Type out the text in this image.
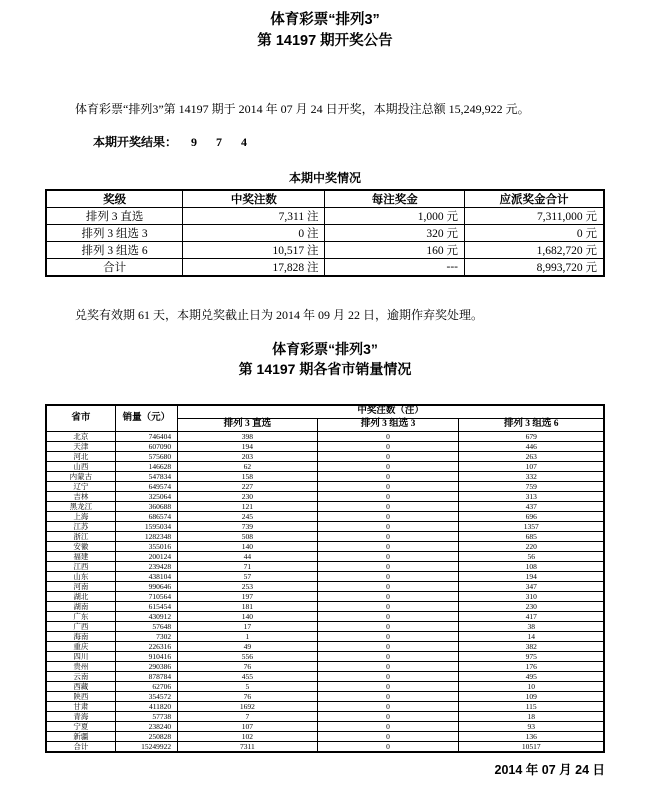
体育彩票“排列3”
第 14197 期开奖公告

体育彩票“排列3”第 14197 期于 2014 年 07 月 24 日开奖，本期投注总额 15,249,922 元。

本期开奖结果： 9 7 4

本期中奖情况
奖级	中奖注数	每注奖金	应派奖金合计
排列 3 直选	7,311 注	1,000 元	7,311,000 元
排列 3 组选 3	0 注	320 元	0 元
排列 3 组选 6	10,517 注	160 元	1,682,720 元
合计	17,828 注	---	8,993,720 元

兑奖有效期 61 天，本期兑奖截止日为 2014 年 09 月 22 日，逾期作弃奖处理。

体育彩票“排列3”
第 14197 期各省市销量情况
省市	销量（元）	中奖注数（注）		
		排列 3 直选	排列 3 组选 3	排列 3 组选 6
北京	746404	398	0	679
天津	607090	194	0	446
河北	575680	203	0	263
山西	146628	62	0	107
内蒙古	547834	158	0	332
辽宁	649574	227	0	759
吉林	325064	230	0	313
黑龙江	360688	121	0	437
上海	686574	245	0	696
江苏	1595034	739	0	1357
浙江	1282348	508	0	685
安徽	355016	140	0	220
福建	200124	44	0	56
江西	239428	71	0	108
山东	438104	57	0	194
河南	990646	253	0	347
湖北	710564	197	0	310
湖南	615454	181	0	230
广东	430912	140	0	417
广西	57648	17	0	38
海南	7302	1	0	14
重庆	226316	49	0	382
四川	910416	556	0	975
贵州	290386	76	0	176
云南	878784	455	0	495
西藏	62706	5	0	10
陕西	354572	76	0	109
甘肃	411820	1692	0	115
青海	57738	7	0	18
宁夏	238240	107	0	93
新疆	250828	102	0	136
合计	15249922	7311	0	10517
2014 年 07 月 24 日
